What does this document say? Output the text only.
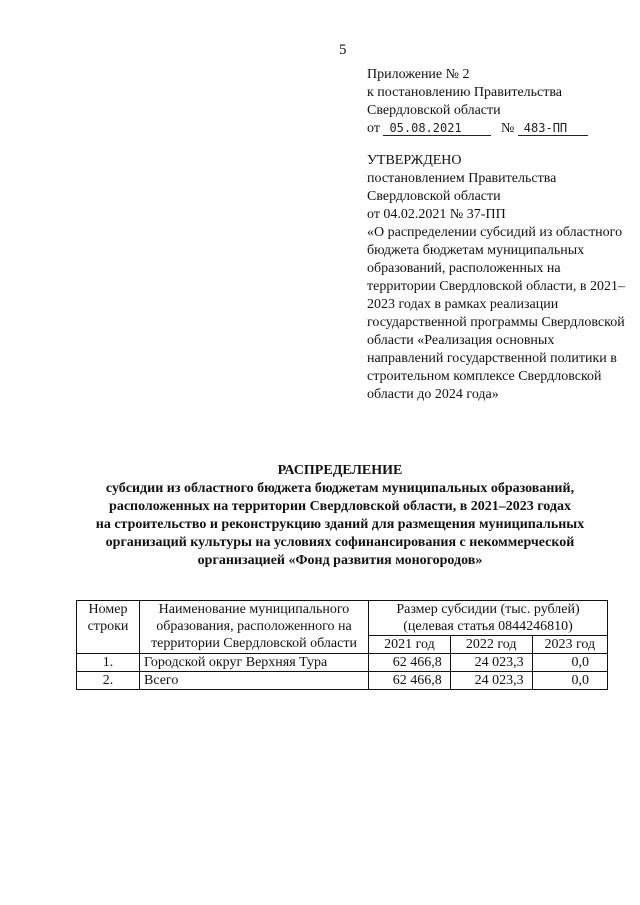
5
Приложение № 2
к постановлению Правительства
Свердловской области
от 05.08.2021	№ 483-ПП
УТВЕРЖДЕНО
постановлением Правительства
Свердловской области
от 04.02.2021 № 37-ПП
«О распределении субсидий из областного бюджета бюджетам муниципальных образований, расположенных на территории Свердловской области, в 2021–2023 годах в рамках реализации государственной программы Свердловской области «Реализация основных направлений государственной политики в строительном комплексе Свердловской области до 2024 года»
РАСПРЕДЕЛЕНИЕ
субсидии из областного бюджета бюджетам муниципальных образований,
расположенных на территории Свердловской области, в 2021–2023 годах
на строительство и реконструкцию зданий для размещения муниципальных
организаций культуры на условиях софинансирования с некоммерческой
организацией «Фонд развития моногородов»
Номер строки	Наименование муниципального образования, расположенного на территории Свердловской области	Размер субсидии (тыс. рублей) (целевая статья 0844246810)		
		2021 год	2022 год	2023 год
1.	Городской округ Верхняя Тура	62 466,8	24 023,3	0,0
2.	Всего	62 466,8	24 023,3	0,0
